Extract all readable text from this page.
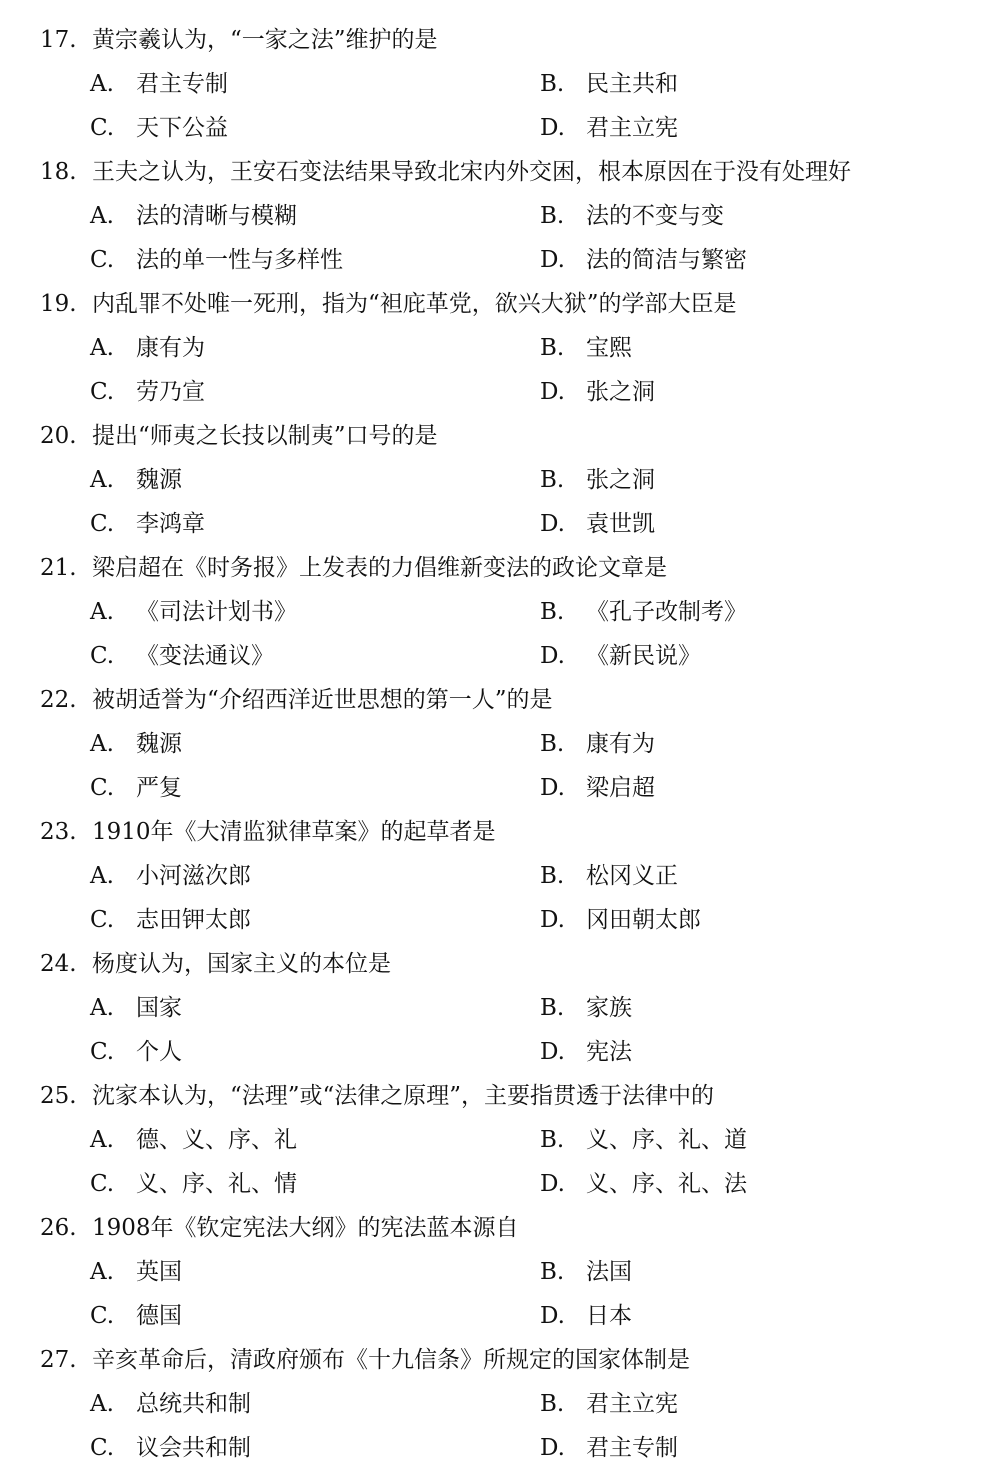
17. 黄宗羲认为，“一家之法”维护的是
A. 君主专制	B. 民主共和
C. 天下公益	D. 君主立宪
18. 王夫之认为，王安石变法结果导致北宋内外交困，根本原因在于没有处理好
A. 法的清晰与模糊	B. 法的不变与变
C. 法的单一性与多样性	D. 法的简洁与繁密
19. 内乱罪不处唯一死刑，指为“袒庇革党，欲兴大狱”的学部大臣是
A. 康有为	B. 宝熙
C. 劳乃宣	D. 张之洞
20. 提出“师夷之长技以制夷”口号的是
A. 魏源	B. 张之洞
C. 李鸿章	D. 袁世凯
21. 梁启超在《时务报》上发表的力倡维新变法的政论文章是
A. 《司法计划书》	B. 《孔子改制考》
C. 《变法通议》	D. 《新民说》
22. 被胡适誉为“介绍西洋近世思想的第一人”的是
A. 魏源	B. 康有为
C. 严复	D. 梁启超
23. 1910年《大清监狱律草案》的起草者是
A. 小河滋次郎	B. 松冈义正
C. 志田钾太郎	D. 冈田朝太郎
24. 杨度认为，国家主义的本位是
A. 国家	B. 家族
C. 个人	D. 宪法
25. 沈家本认为，“法理”或“法律之原理”，主要指贯透于法律中的
A. 德、义、序、礼	B. 义、序、礼、道
C. 义、序、礼、情	D. 义、序、礼、法
26. 1908年《钦定宪法大纲》的宪法蓝本源自
A. 英国	B. 法国
C. 德国	D. 日本
27. 辛亥革命后，清政府颁布《十九信条》所规定的国家体制是
A. 总统共和制	B. 君主立宪
C. 议会共和制	D. 君主专制
